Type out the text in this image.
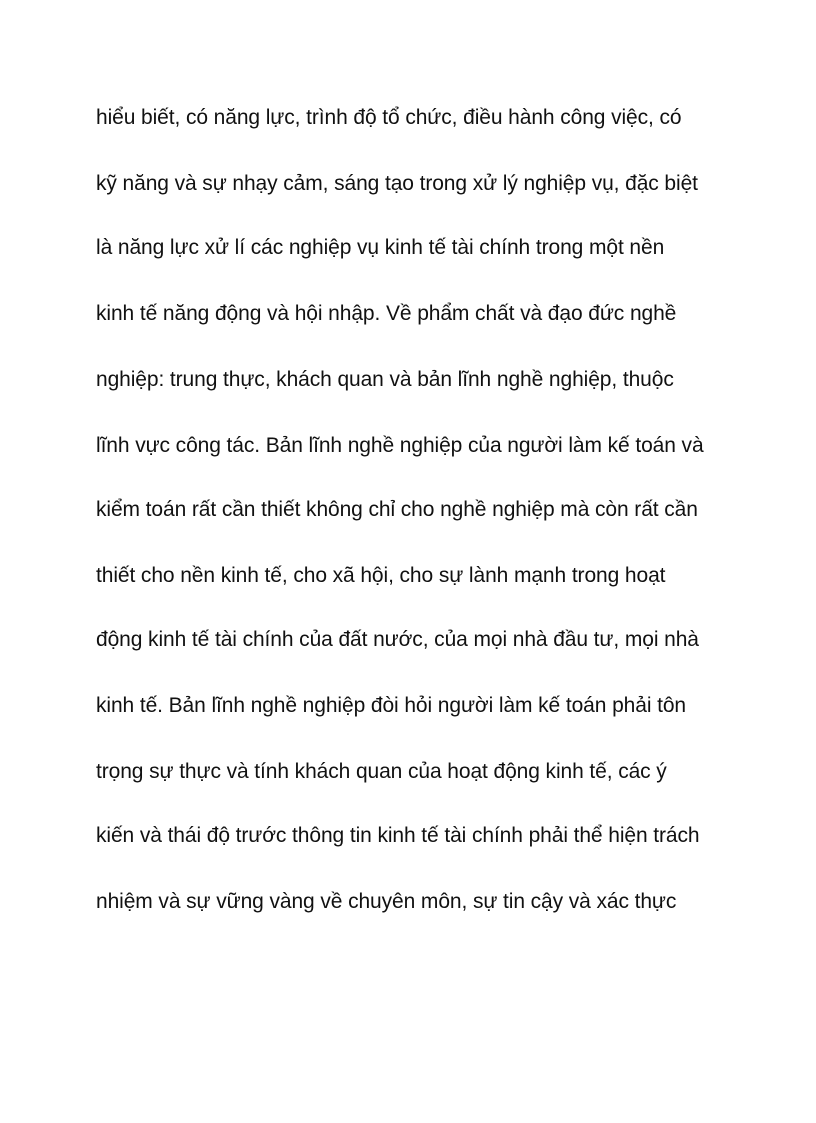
hiểu biết, có năng lực, trình độ tổ chức, điều hành công việc, có
kỹ năng và sự nhạy cảm, sáng tạo trong xử lý nghiệp vụ, đặc biệt
là năng lực xử lí các nghiệp vụ kinh tế tài chính trong một nền
kinh tế năng động và hội nhập. Về phẩm chất và đạo đức nghề
nghiệp: trung thực, khách quan và bản lĩnh nghề nghiệp, thuộc
lĩnh vực công tác. Bản lĩnh nghề nghiệp của người làm kế toán và
kiểm toán rất cần thiết không chỉ cho nghề nghiệp mà còn rất cần
thiết cho nền kinh tế, cho xã hội, cho sự lành mạnh trong hoạt
động kinh tế tài chính của đất nước, của mọi nhà đầu tư, mọi nhà
kinh tế. Bản lĩnh nghề nghiệp đòi hỏi người làm kế toán phải tôn
trọng sự thực và tính khách quan của hoạt động kinh tế, các ý
kiến và thái độ trước thông tin kinh tế tài chính phải thể hiện trách
nhiệm và sự vững vàng về chuyên môn, sự tin cậy và xác thực
